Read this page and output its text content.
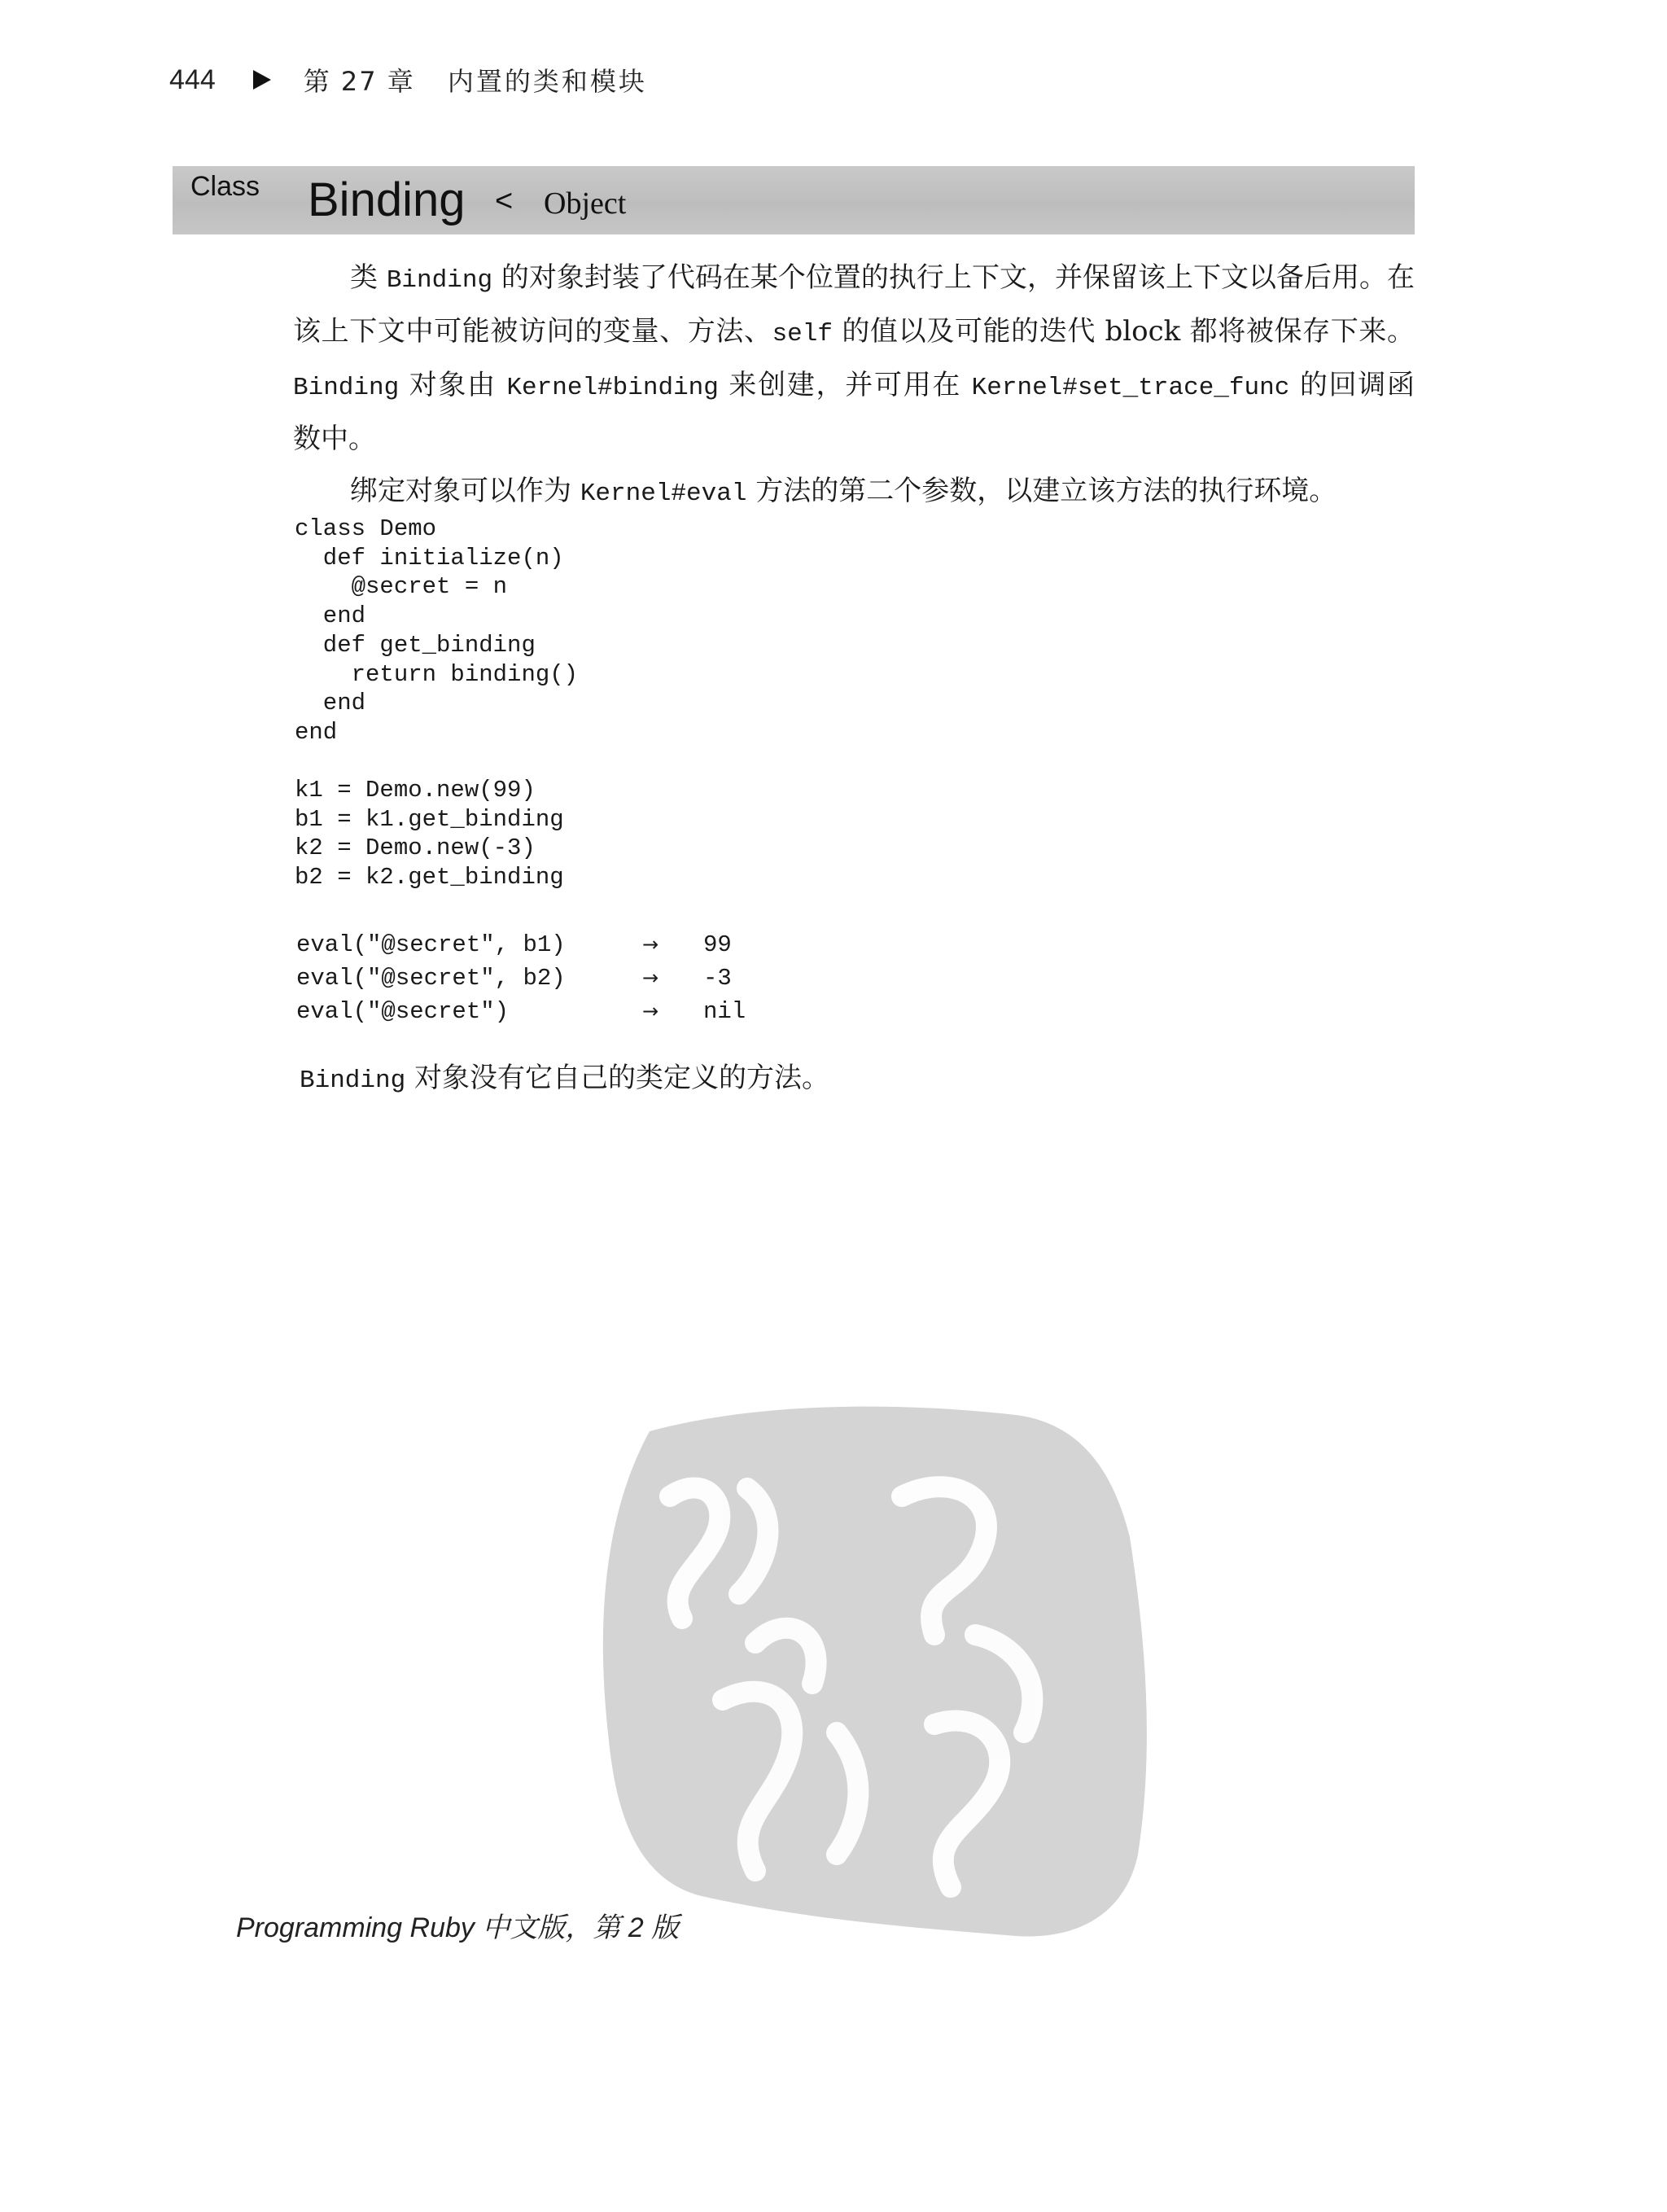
444	第 27 章 内置的类和模块
Class Binding < Object
类 Binding 的对象封装了代码在某个位置的执行上下文，并保留该上下文以备后用。在该上下文中可能被访问的变量、方法、self 的值以及可能的迭代 block 都将被保存下来。Binding 对象由 Kernel#binding 来创建，并可用在 Kernel#set_trace_func 的回调函数中。
绑定对象可以作为 Kernel#eval 方法的第二个参数，以建立该方法的执行环境。
class Demo
def initialize(n)
@secret = n
end
def get_binding
return binding()
end
end
k1 = Demo.new(99)
b1 = k1.get_binding
k2 = Demo.new(-3)
b2 = k2.get_binding
eval("@secret", b1)	→ 99
eval("@secret", b2)	→ -3
eval("@secret")	→ nil
Binding 对象没有它自己的类定义的方法。
Programming Ruby 中文版，第 2 版
